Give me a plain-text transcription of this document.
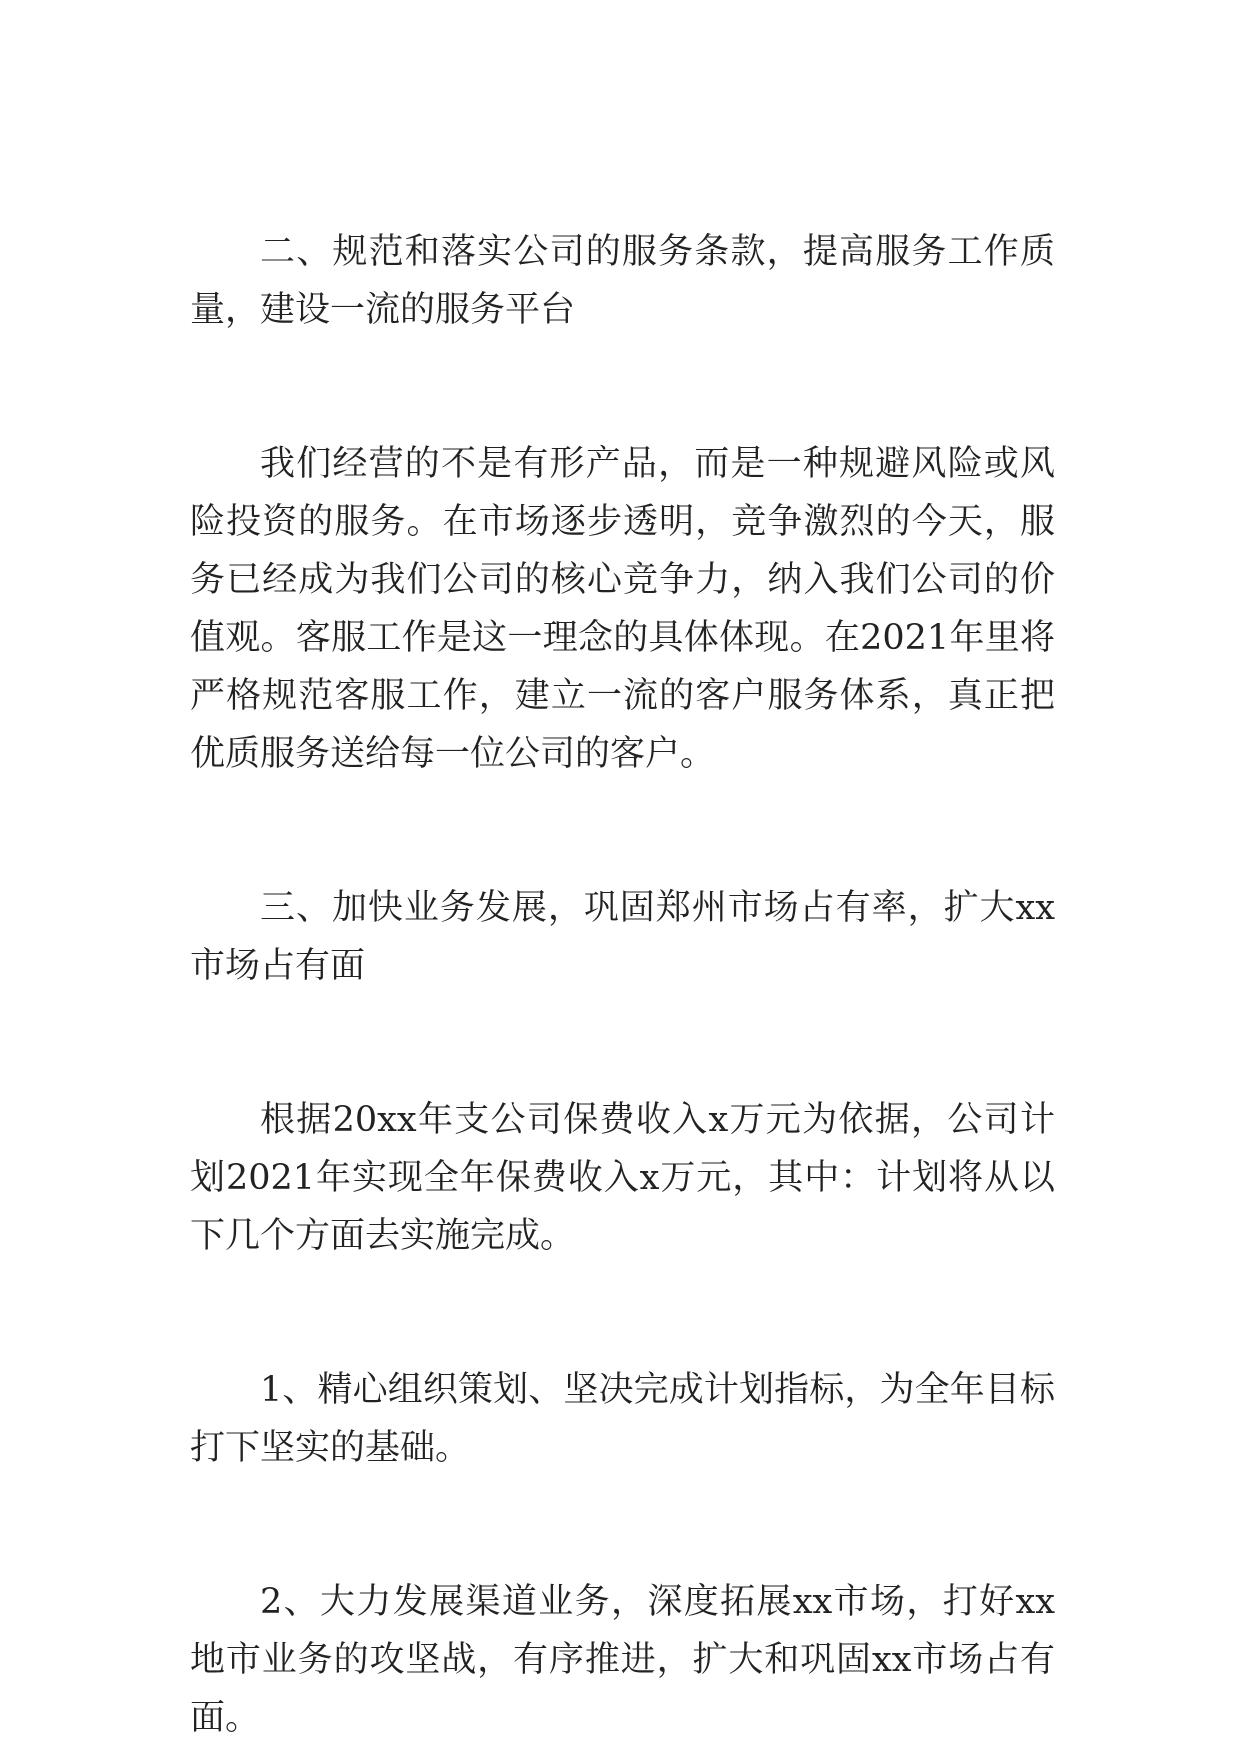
二、规范和落实公司的服务条款，提高服务工作质量，建设一流的服务平台

我们经营的不是有形产品，而是一种规避风险或风险投资的服务。在市场逐步透明，竞争激烈的今天，服务已经成为我们公司的核心竞争力，纳入我们公司的价值观。客服工作是这一理念的具体体现。在2021年里将严格规范客服工作，建立一流的客户服务体系，真正把优质服务送给每一位公司的客户。

三、加快业务发展，巩固郑州市场占有率，扩大xx市场占有面

根据20xx年支公司保费收入x万元为依据，公司计划2021年实现全年保费收入x万元，其中：计划将从以下几个方面去实施完成。

1、精心组织策划、坚决完成计划指标，为全年目标打下坚实的基础。

2、大力发展渠道业务，深度拓展xx市场，打好xx地市业务的攻坚战，有序推进，扩大和巩固xx市场占有面。
